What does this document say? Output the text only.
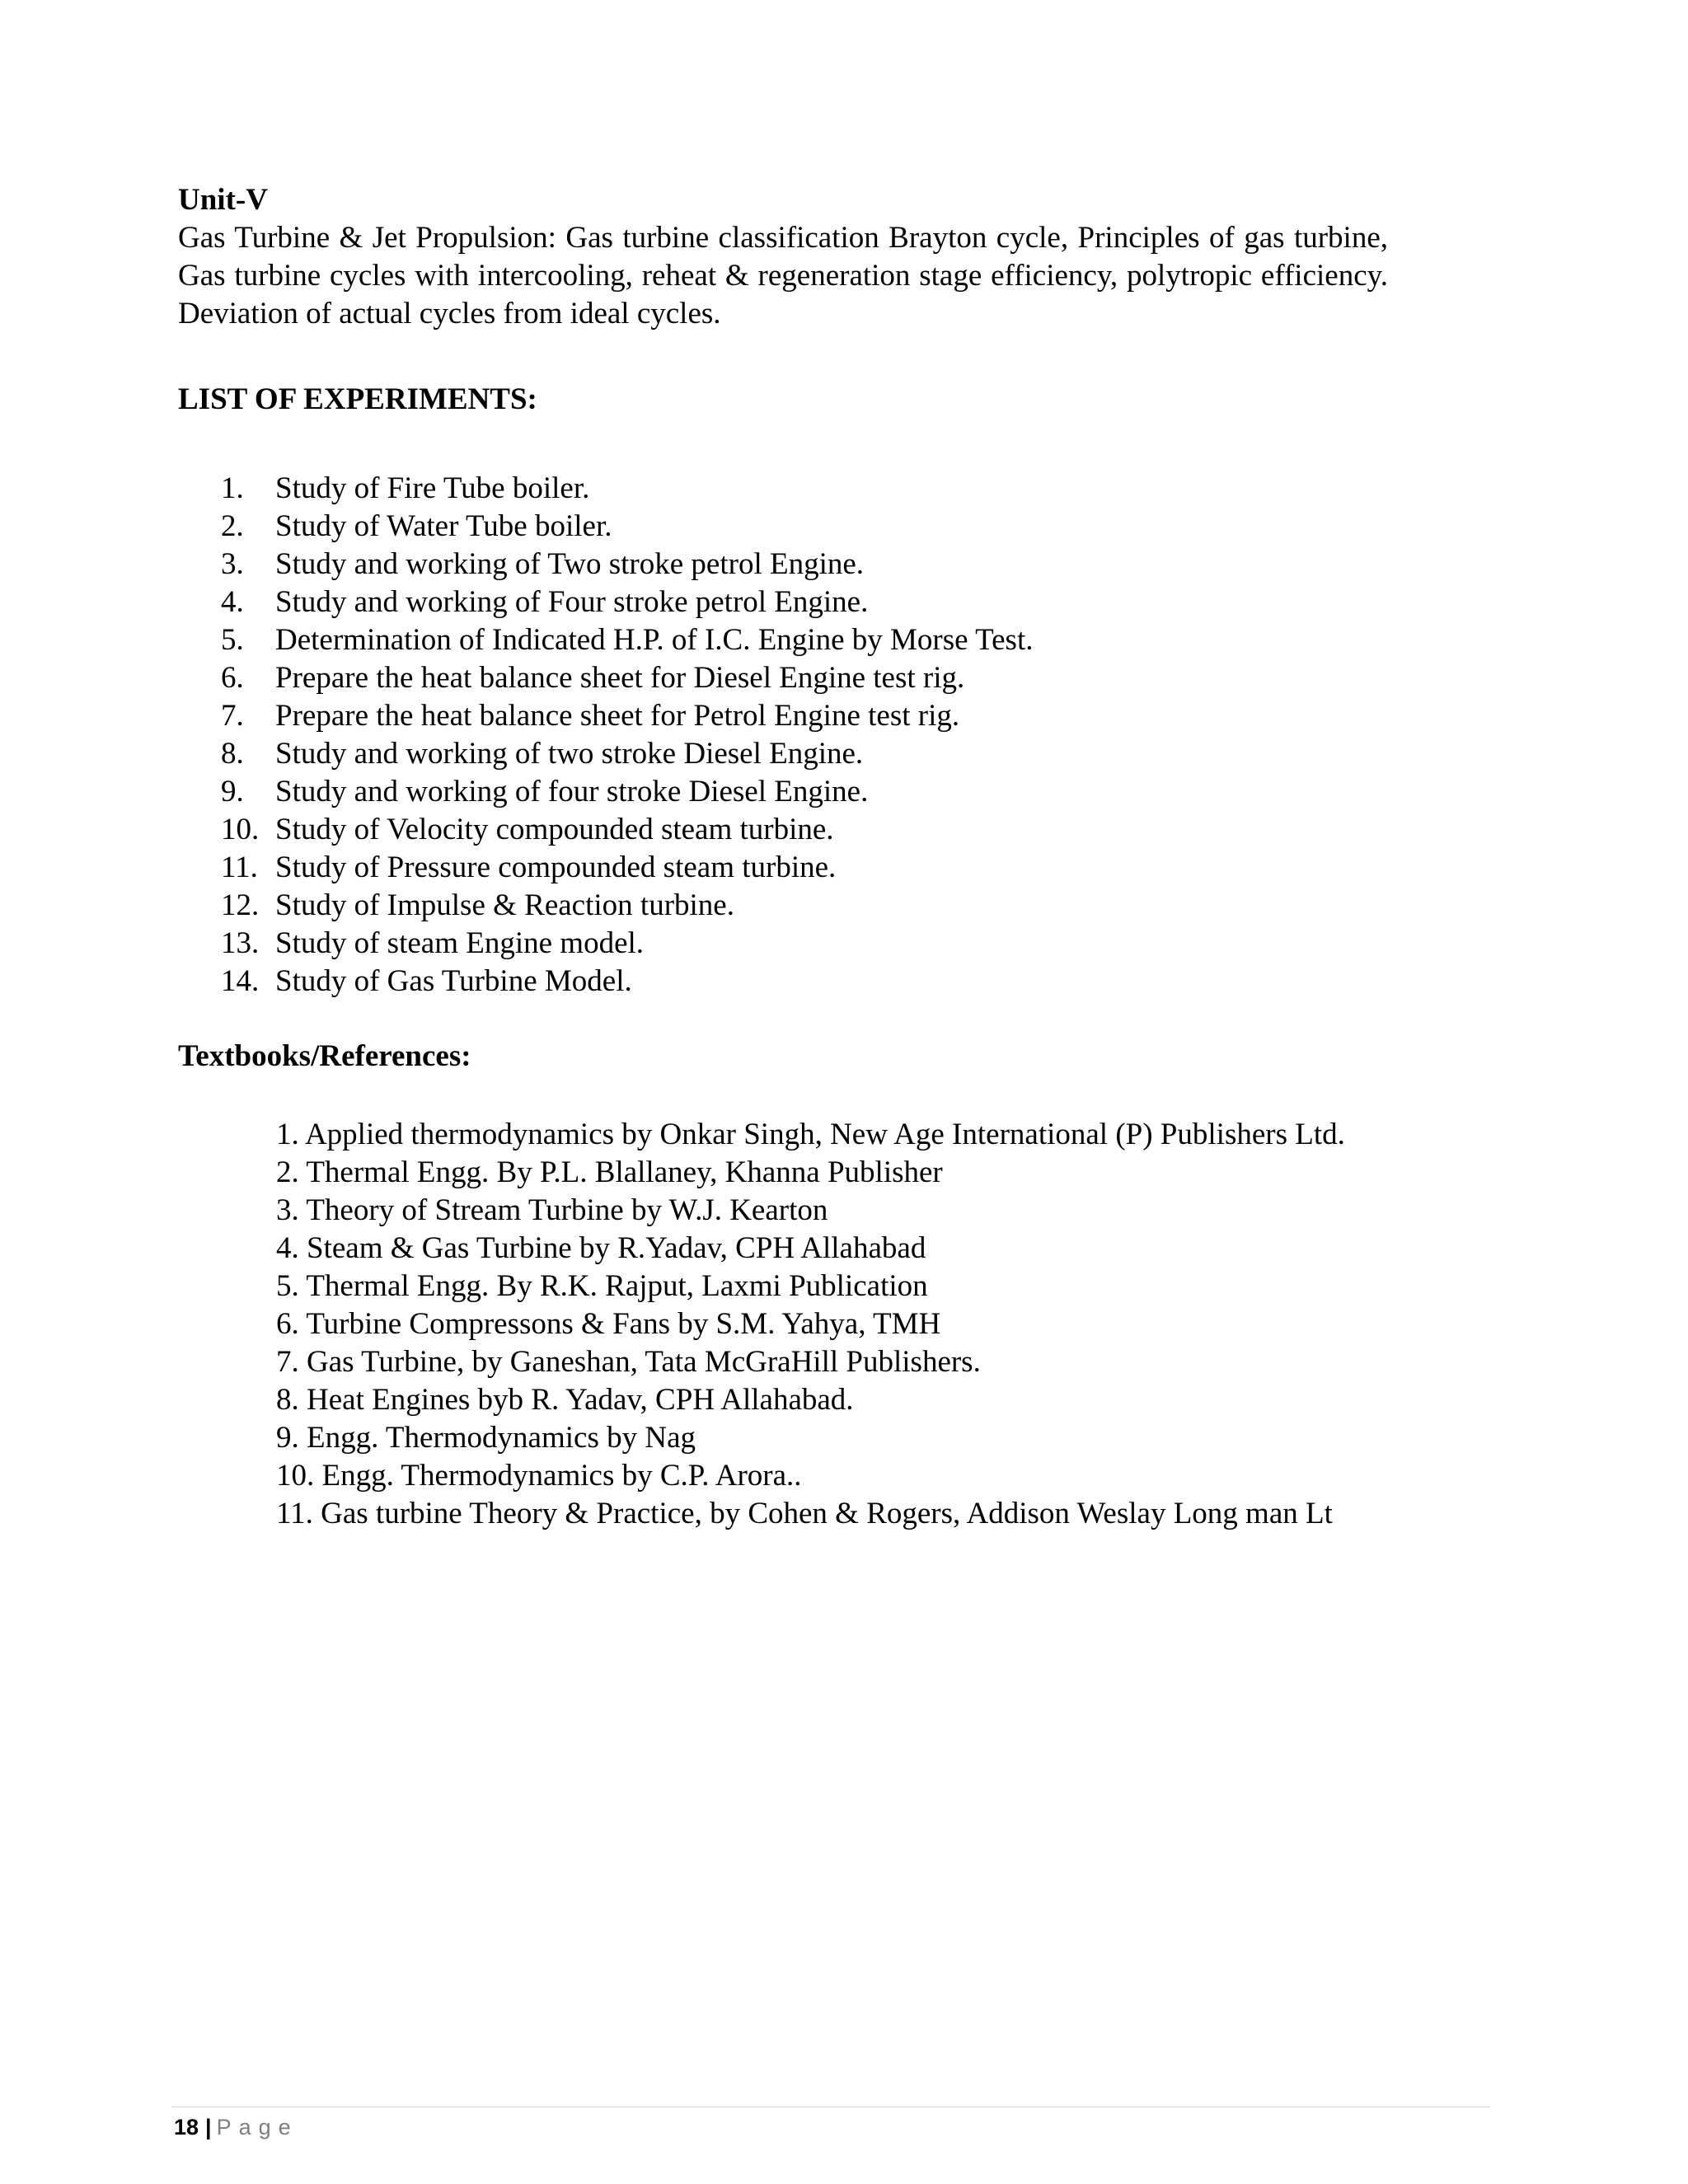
Unit-V

Gas Turbine & Jet Propulsion: Gas turbine classification Brayton cycle, Principles of gas turbine, Gas turbine cycles with intercooling, reheat & regeneration stage efficiency, polytropic efficiency. Deviation of actual cycles from ideal cycles.

LIST OF EXPERIMENTS:

1. Study of Fire Tube boiler.
2. Study of Water Tube boiler.
3. Study and working of Two stroke petrol Engine.
4. Study and working of Four stroke petrol Engine.
5. Determination of Indicated H.P. of I.C. Engine by Morse Test.
6. Prepare the heat balance sheet for Diesel Engine test rig.
7. Prepare the heat balance sheet for Petrol Engine test rig.
8. Study and working of two stroke Diesel Engine.
9. Study and working of four stroke Diesel Engine.
10. Study of Velocity compounded steam turbine.
11. Study of Pressure compounded steam turbine.
12. Study of Impulse & Reaction turbine.
13. Study of steam Engine model.
14. Study of Gas Turbine Model.

Textbooks/References:

1. Applied thermodynamics by Onkar Singh, New Age International (P) Publishers Ltd.
2. Thermal Engg. By P.L. Blallaney, Khanna Publisher
3. Theory of Stream Turbine by W.J. Kearton
4. Steam & Gas Turbine by R.Yadav, CPH Allahabad
5. Thermal Engg. By R.K. Rajput, Laxmi Publication
6. Turbine Compressons & Fans by S.M. Yahya, TMH
7. Gas Turbine, by Ganeshan, Tata McGraHill Publishers.
8. Heat Engines byb R. Yadav, CPH Allahabad.
9. Engg. Thermodynamics by Nag
10. Engg. Thermodynamics by C.P. Arora..
11. Gas turbine Theory & Practice, by Cohen & Rogers, Addison Weslay Long man Lt
18 | Page
